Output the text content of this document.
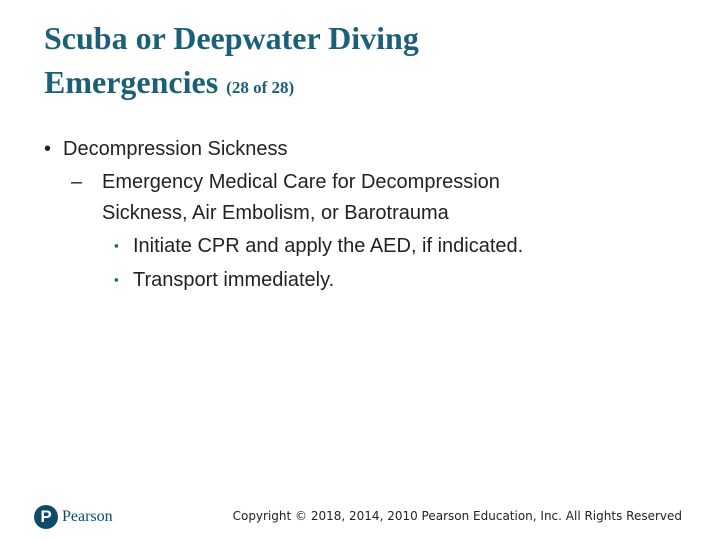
Scuba or Deepwater Diving
Emergencies (28 of 28)
• Decompression Sickness
– Emergency Medical Care for Decompression
Sickness, Air Embolism, or Barotrauma
▪ Initiate CPR and apply the AED, if indicated.
▪ Transport immediately.
P Pearson	Copyright © 2018, 2014, 2010 Pearson Education, Inc. All Rights Reserved
